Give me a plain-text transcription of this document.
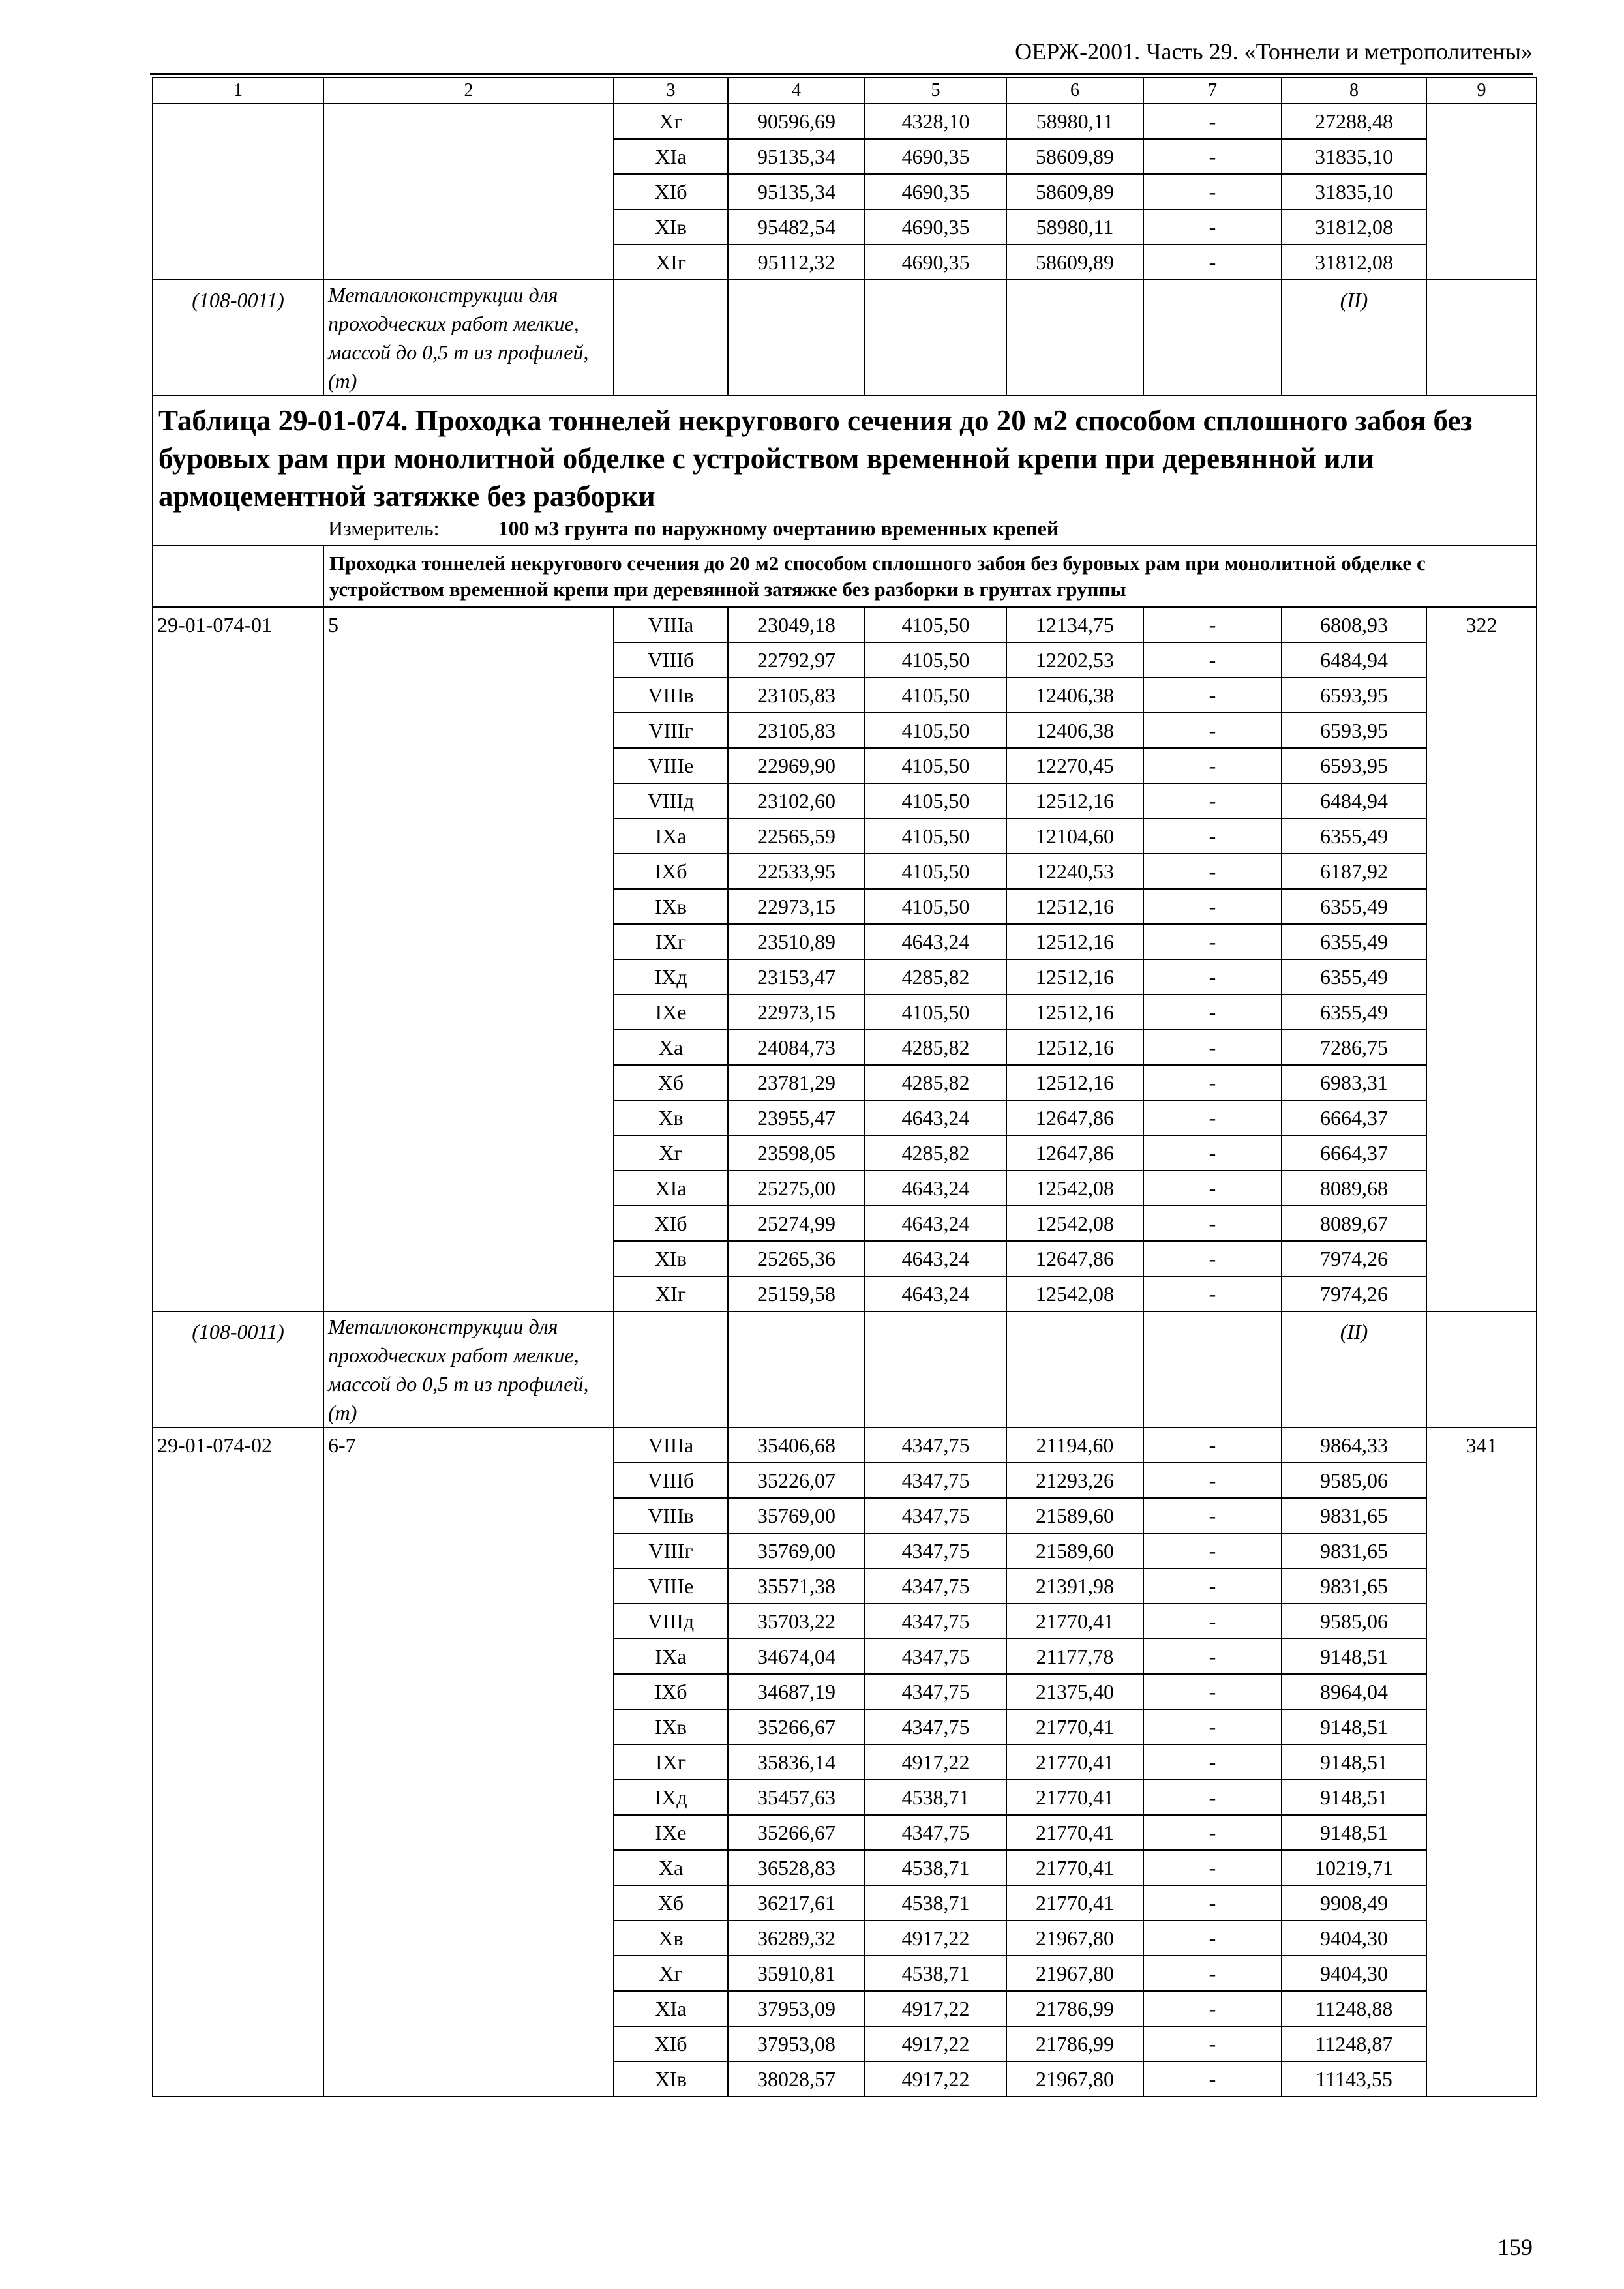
ОЕРЖ-2001. Часть 29. «Тоннели и метрополитены»
1	2	3	4	5	6	7	8	9
		Xг	90596,69	4328,10	58980,11	-	27288,48	
		XIа	95135,34	4690,35	58609,89	-	31835,10	
		XIб	95135,34	4690,35	58609,89	-	31835,10	
		XIв	95482,54	4690,35	58980,11	-	31812,08	
		XIг	95112,32	4690,35	58609,89	-	31812,08	

(108-0011)	Металлоконструкции для проходческих работ мелкие, массой до 0,5 т из профилей, (т)						(II)	

Таблица 29-01-074. Проходка тоннелей некругового сечения до 20 м2 способом сплошного забоя без буровых рам при монолитной обделке с устройством временной крепи при деревянной или армоцементной затяжке без разборки
Измеритель: 100 м3 грунта по наружному очертанию временных крепей								

	Проходка тоннелей некругового сечения до 20 м2 способом сплошного забоя без буровых рам при монолитной обделке с устройством временной крепи при деревянной затяжке без разборки в грунтах группы							
29-01-074-01	5	VIIIа	23049,18	4105,50	12134,75	-	6808,93	322
		VIIIб	22792,97	4105,50	12202,53	-	6484,94	
		VIIIв	23105,83	4105,50	12406,38	-	6593,95	
		VIIIг	23105,83	4105,50	12406,38	-	6593,95	
		VIIIе	22969,90	4105,50	12270,45	-	6593,95	
		VIIIд	23102,60	4105,50	12512,16	-	6484,94	
		IXа	22565,59	4105,50	12104,60	-	6355,49	
		IXб	22533,95	4105,50	12240,53	-	6187,92	
		IXв	22973,15	4105,50	12512,16	-	6355,49	
		IXг	23510,89	4643,24	12512,16	-	6355,49	
		IXд	23153,47	4285,82	12512,16	-	6355,49	
		IXе	22973,15	4105,50	12512,16	-	6355,49	
		Xа	24084,73	4285,82	12512,16	-	7286,75	
		Xб	23781,29	4285,82	12512,16	-	6983,31	
		Xв	23955,47	4643,24	12647,86	-	6664,37	
		Xг	23598,05	4285,82	12647,86	-	6664,37	
		XIа	25275,00	4643,24	12542,08	-	8089,68	
		XIб	25274,99	4643,24	12542,08	-	8089,67	
		XIв	25265,36	4643,24	12647,86	-	7974,26	
		XIг	25159,58	4643,24	12542,08	-	7974,26	

(108-0011)	Металлоконструкции для проходческих работ мелкие, массой до 0,5 т из профилей, (т)						(II)	

29-01-074-02	6-7	VIIIа	35406,68	4347,75	21194,60	-	9864,33	341
		VIIIб	35226,07	4347,75	21293,26	-	9585,06	
		VIIIв	35769,00	4347,75	21589,60	-	9831,65	
		VIIIг	35769,00	4347,75	21589,60	-	9831,65	
		VIIIе	35571,38	4347,75	21391,98	-	9831,65	
		VIIIд	35703,22	4347,75	21770,41	-	9585,06	
		IXа	34674,04	4347,75	21177,78	-	9148,51	
		IXб	34687,19	4347,75	21375,40	-	8964,04	
		IXв	35266,67	4347,75	21770,41	-	9148,51	
		IXг	35836,14	4917,22	21770,41	-	9148,51	
		IXд	35457,63	4538,71	21770,41	-	9148,51	
		IXе	35266,67	4347,75	21770,41	-	9148,51	
		Xа	36528,83	4538,71	21770,41	-	10219,71	
		Xб	36217,61	4538,71	21770,41	-	9908,49	
		Xв	36289,32	4917,22	21967,80	-	9404,30	
		Xг	35910,81	4538,71	21967,80	-	9404,30	
		XIа	37953,09	4917,22	21786,99	-	11248,88	
		XIб	37953,08	4917,22	21786,99	-	11248,87	
		XIв	38028,57	4917,22	21967,80	-	11143,55	
159
